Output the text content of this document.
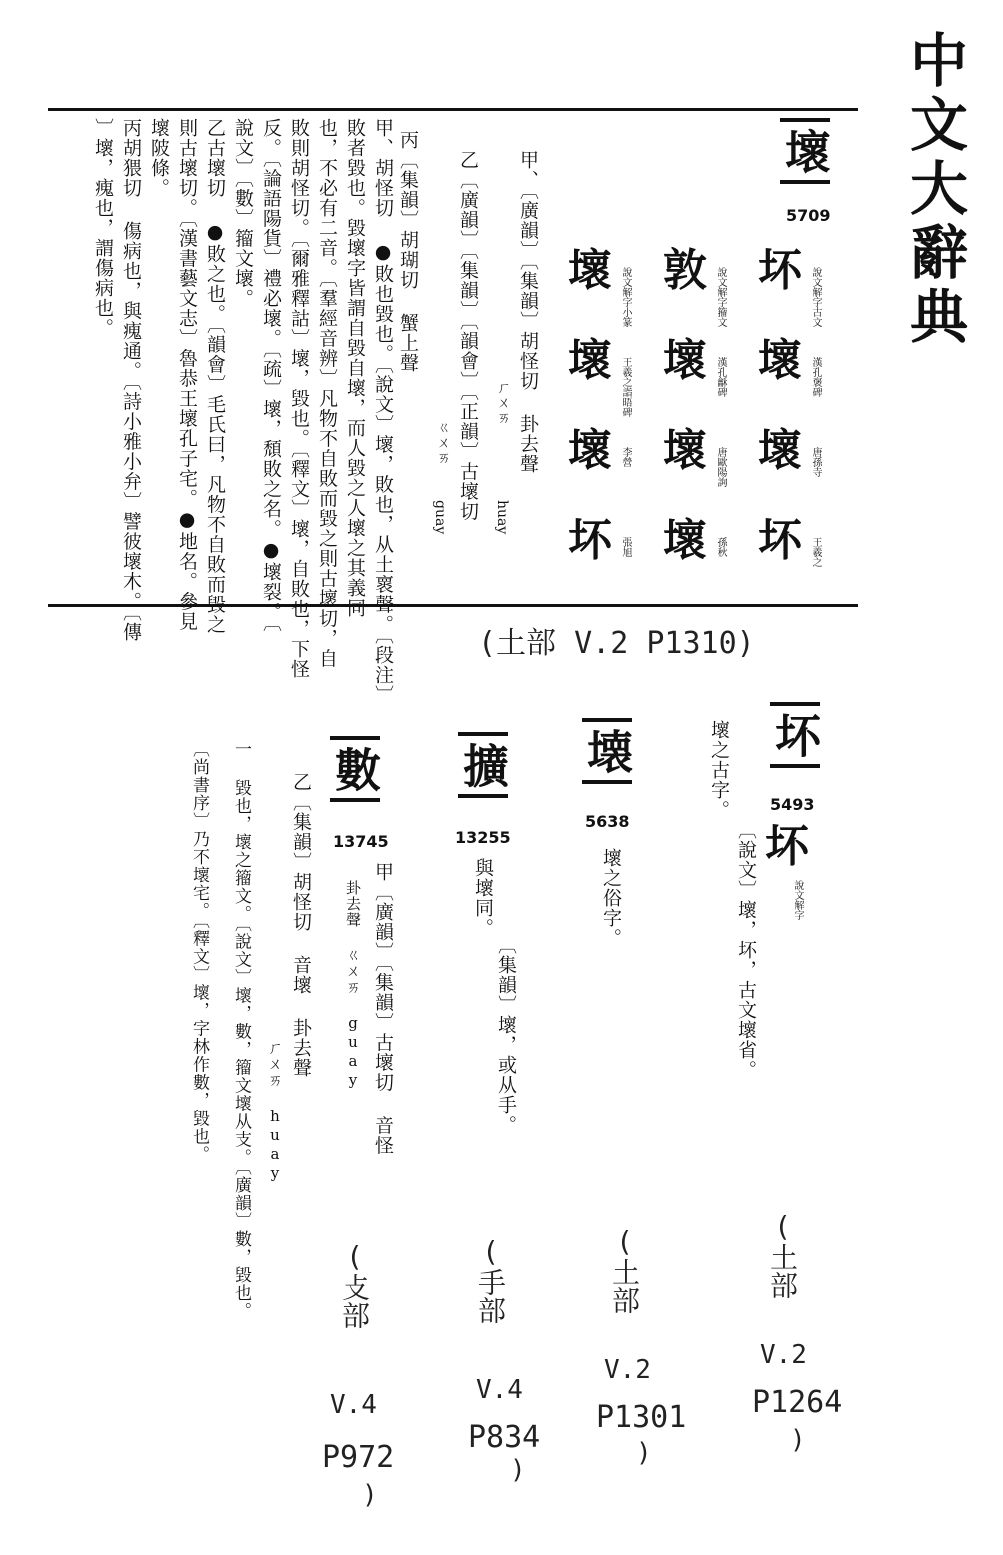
中文大辭典
壞
5709
坏 說文解字古文
敦 說文解字籀文
壞 說文解字小篆
壞 漢孔褒碑
壞 漢孔龢碑
壞 王羲之詣晤碑
壞 唐孫寺
壞 唐歐陽詢
壞 李營
坏 王羲之
壞 孫秋
坏 張旭
甲、〔廣韻〕〔集韻〕胡怪切 卦去聲
ㄏㄨㄞ
huay
乙〔廣韻〕〔集韻〕〔韻會〕〔正韻〕古壞切
ㄍㄨㄞ
guay
丙〔集韻〕胡瑚切 蟹上聲
甲、胡怪切 ●敗也毀也。〔說文〕壞，敗也，从土褱聲。〔段注〕
敗者毀也。毀壞字皆謂自毀自壞，而人毀之人壞之其義同
也，不必有二音。〔羣經音辨〕凡物不自敗而毀之則古壞切，自
敗則胡怪切。〔爾雅釋詁〕壞，毀也。〔釋文〕壞，自敗也，下怪
反。〔論語陽貨〕禮必壞。〔疏〕壞，頹敗之名。●壞裂。〔
說文〕〔數〕籀文壞。
乙古壞切 ●敗之也。〔韻會〕毛氏曰，凡物不自敗而毀之
則古壞切。〔漢書藝文志〕魯恭王壞孔子宅。●地名。參見
壞陂條。
丙胡猥切 傷病也，與瘣通。〔詩小雅小弁〕譬彼壞木。〔傳
〕壞，瘣也，謂傷病也。
(土部 V.2 P1310)
坏
5493
坏
說文解字
壞之古字。
〔說文〕壞，坏，古文壞省。
(土部
V.2
P1264
)
壊
5638
壞之俗字。
(土部
V.2
P1301
)
擴
13255
與壞同。
〔集韻〕壞，或从手。
(手部
V.4
P834
)
數
13745
甲〔廣韻〕〔集韻〕古壞切 音怪
卦去聲 ㄍㄨㄞ guay
乙〔集韻〕胡怪切 音壞 卦去聲
ㄏㄨㄞ huay
一 毀也，壞之籀文。〔說文〕壞，數，籀文壞从支。〔廣韻〕數，毀也。
〔尚書序〕乃不壞宅。〔釋文〕壞，字林作數，毀也。
(攴部
V.4
P972
)
